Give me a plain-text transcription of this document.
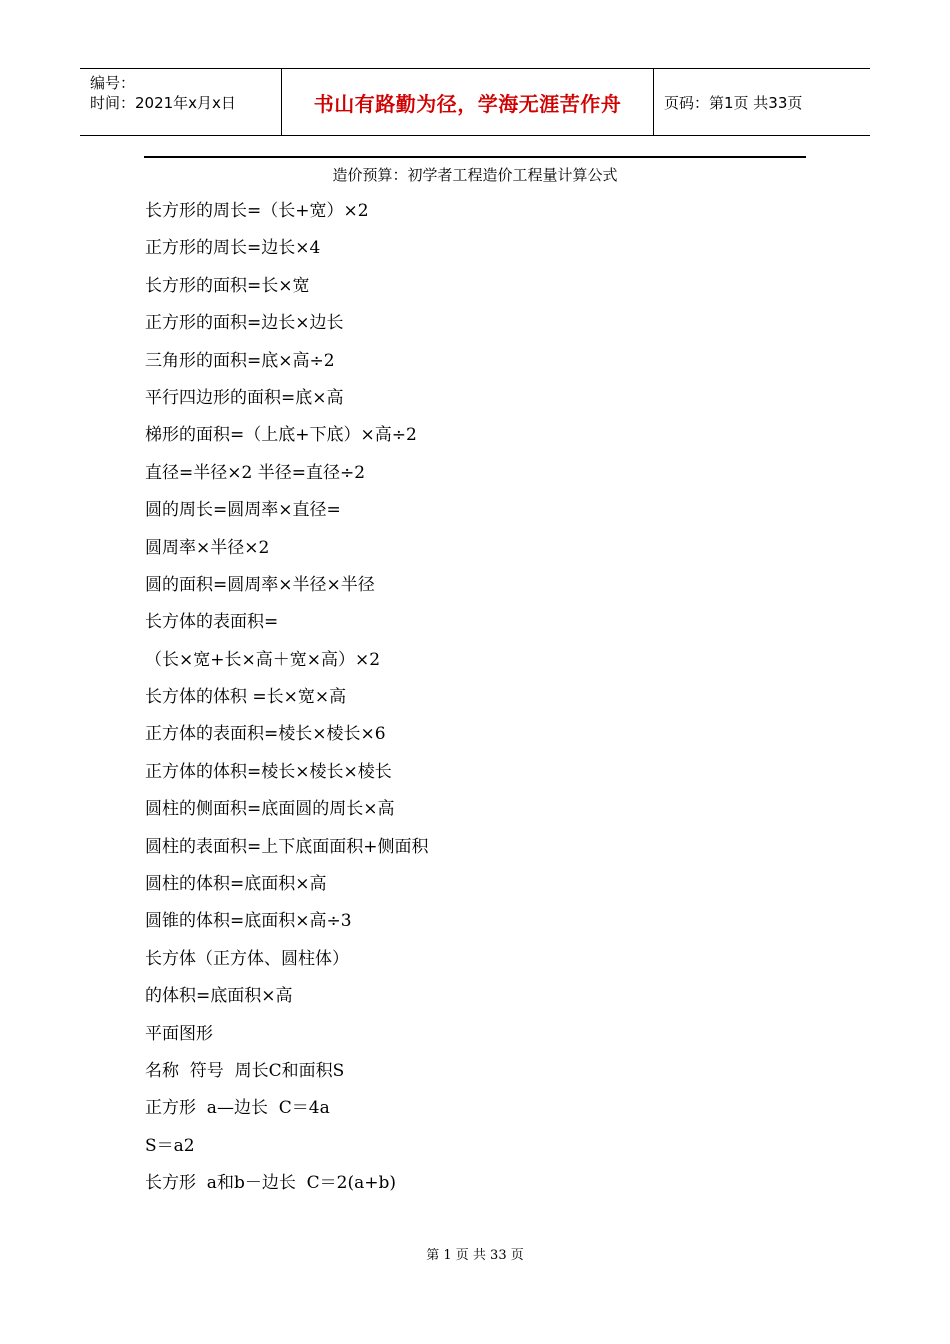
编号：
时间：2021年x月x日	书山有路勤为径，学海无涯苦作舟	页码：第1页 共33页
造价预算：初学者工程造价工程量计算公式
长方形的周长=（长+宽）×2
正方形的周长=边长×4
长方形的面积=长×宽
正方形的面积=边长×边长
三角形的面积=底×高÷2
平行四边形的面积=底×高
梯形的面积=（上底+下底）×高÷2
直径=半径×2 半径=直径÷2
圆的周长=圆周率×直径=
圆周率×半径×2
圆的面积=圆周率×半径×半径
长方体的表面积=
（长×宽+长×高＋宽×高）×2
长方体的体积 =长×宽×高
正方体的表面积=棱长×棱长×6
正方体的体积=棱长×棱长×棱长
圆柱的侧面积=底面圆的周长×高
圆柱的表面积=上下底面面积+侧面积
圆柱的体积=底面积×高
圆锥的体积=底面积×高÷3
长方体（正方体、圆柱体）
的体积=底面积×高
平面图形
名称  符号  周长C和面积S
正方形  a—边长  C＝4a
S＝a2
长方形  a和b－边长  C＝2(a+b)
第 1 页 共 33 页
